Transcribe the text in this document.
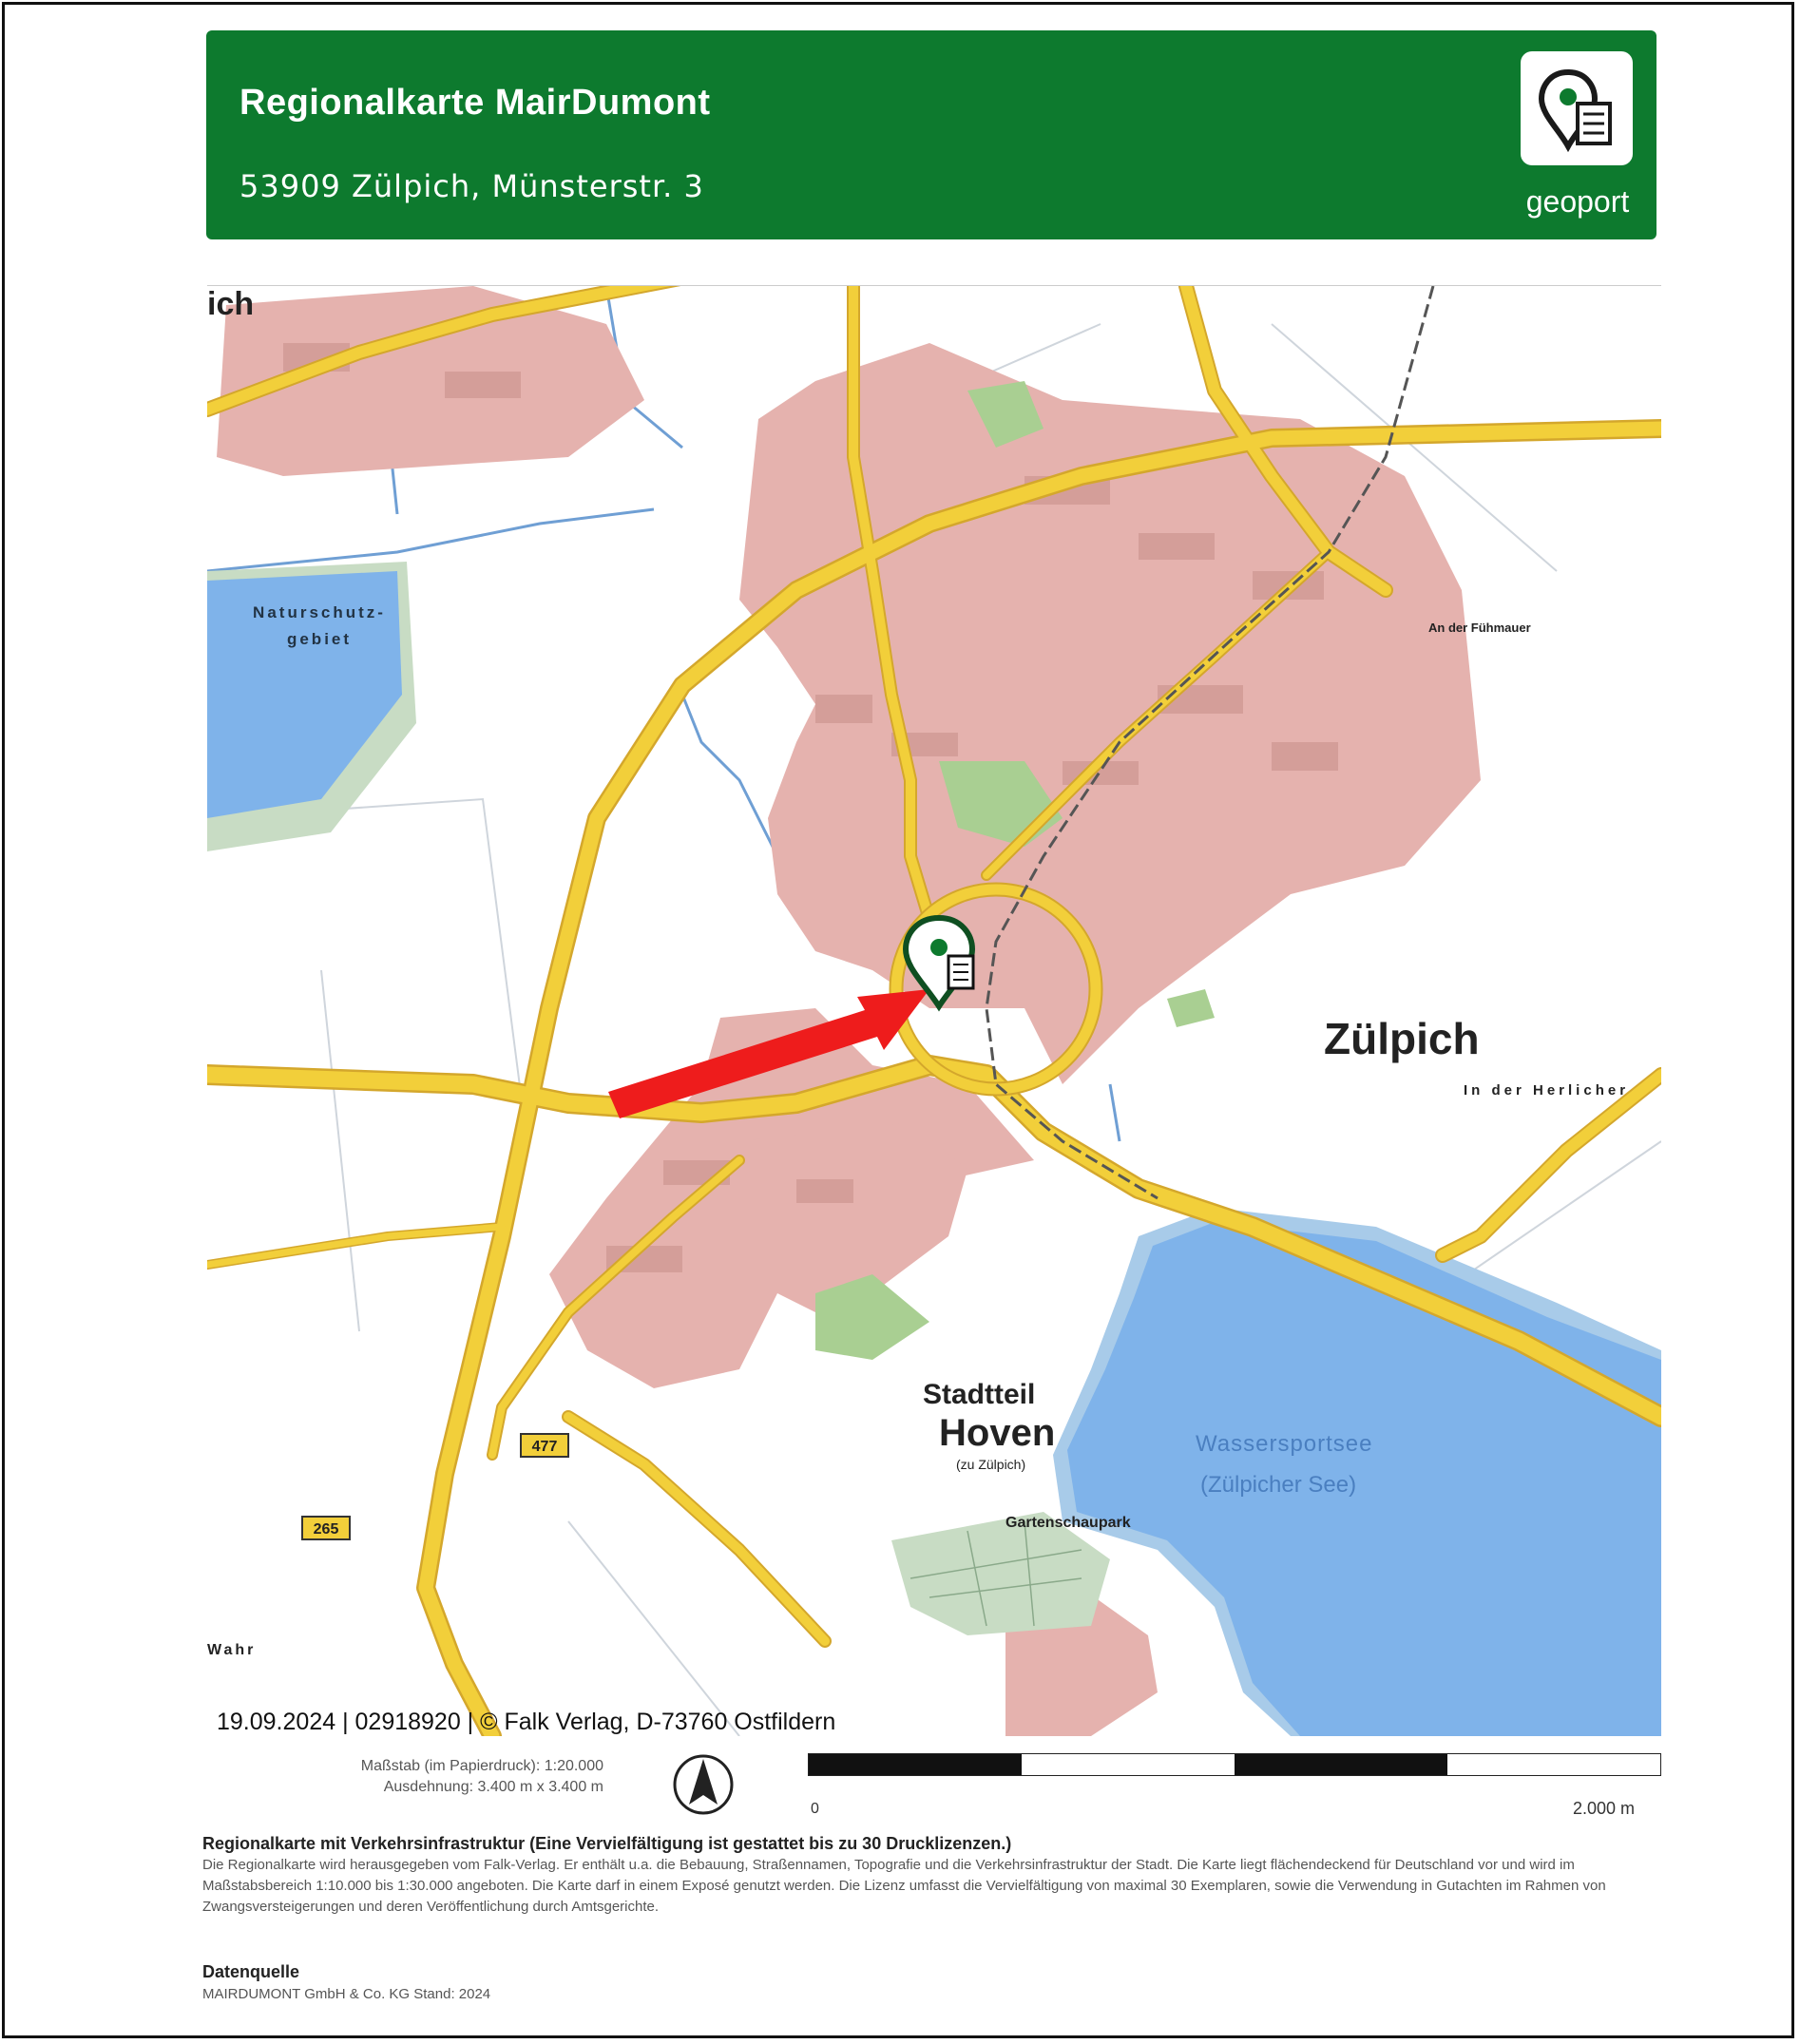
Regionalkarte MairDumont
53909 Zülpich, Münsterstr. 3	geoport
477
265
ich
Naturschutz-gebiet
An der Fühmauer
Zülpich
In der Herlicher
Stadtteil
Hoven
(zu Zülpich)
Wassersportsee
(Zülpicher See)
Gartenschaupark
Wahr
19.09.2024 | 02918920 | © Falk Verlag, D-73760 Ostfildern
Maßstab (im Papierdruck): 1:20.000
Ausdehnung: 3.400 m x 3.400 m
0	2.000 m
Regionalkarte mit Verkehrsinfrastruktur (Eine Vervielfältigung ist gestattet bis zu 30 Drucklizenzen.)
Die Regionalkarte wird herausgegeben vom Falk-Verlag. Er enthält u.a. die Bebauung, Straßennamen, Topografie und die Verkehrsinfrastruktur der Stadt. Die Karte liegt flächendeckend für Deutschland vor und wird im Maßstabsbereich 1:10.000 bis 1:30.000 angeboten. Die Karte darf in einem Exposé genutzt werden. Die Lizenz umfasst die Vervielfältigung von maximal 30 Exemplaren, sowie die Verwendung in Gutachten im Rahmen von Zwangsversteigerungen und deren Veröffentlichung durch Amtsgerichte.
Datenquelle
MAIRDUMONT GmbH & Co. KG Stand: 2024
